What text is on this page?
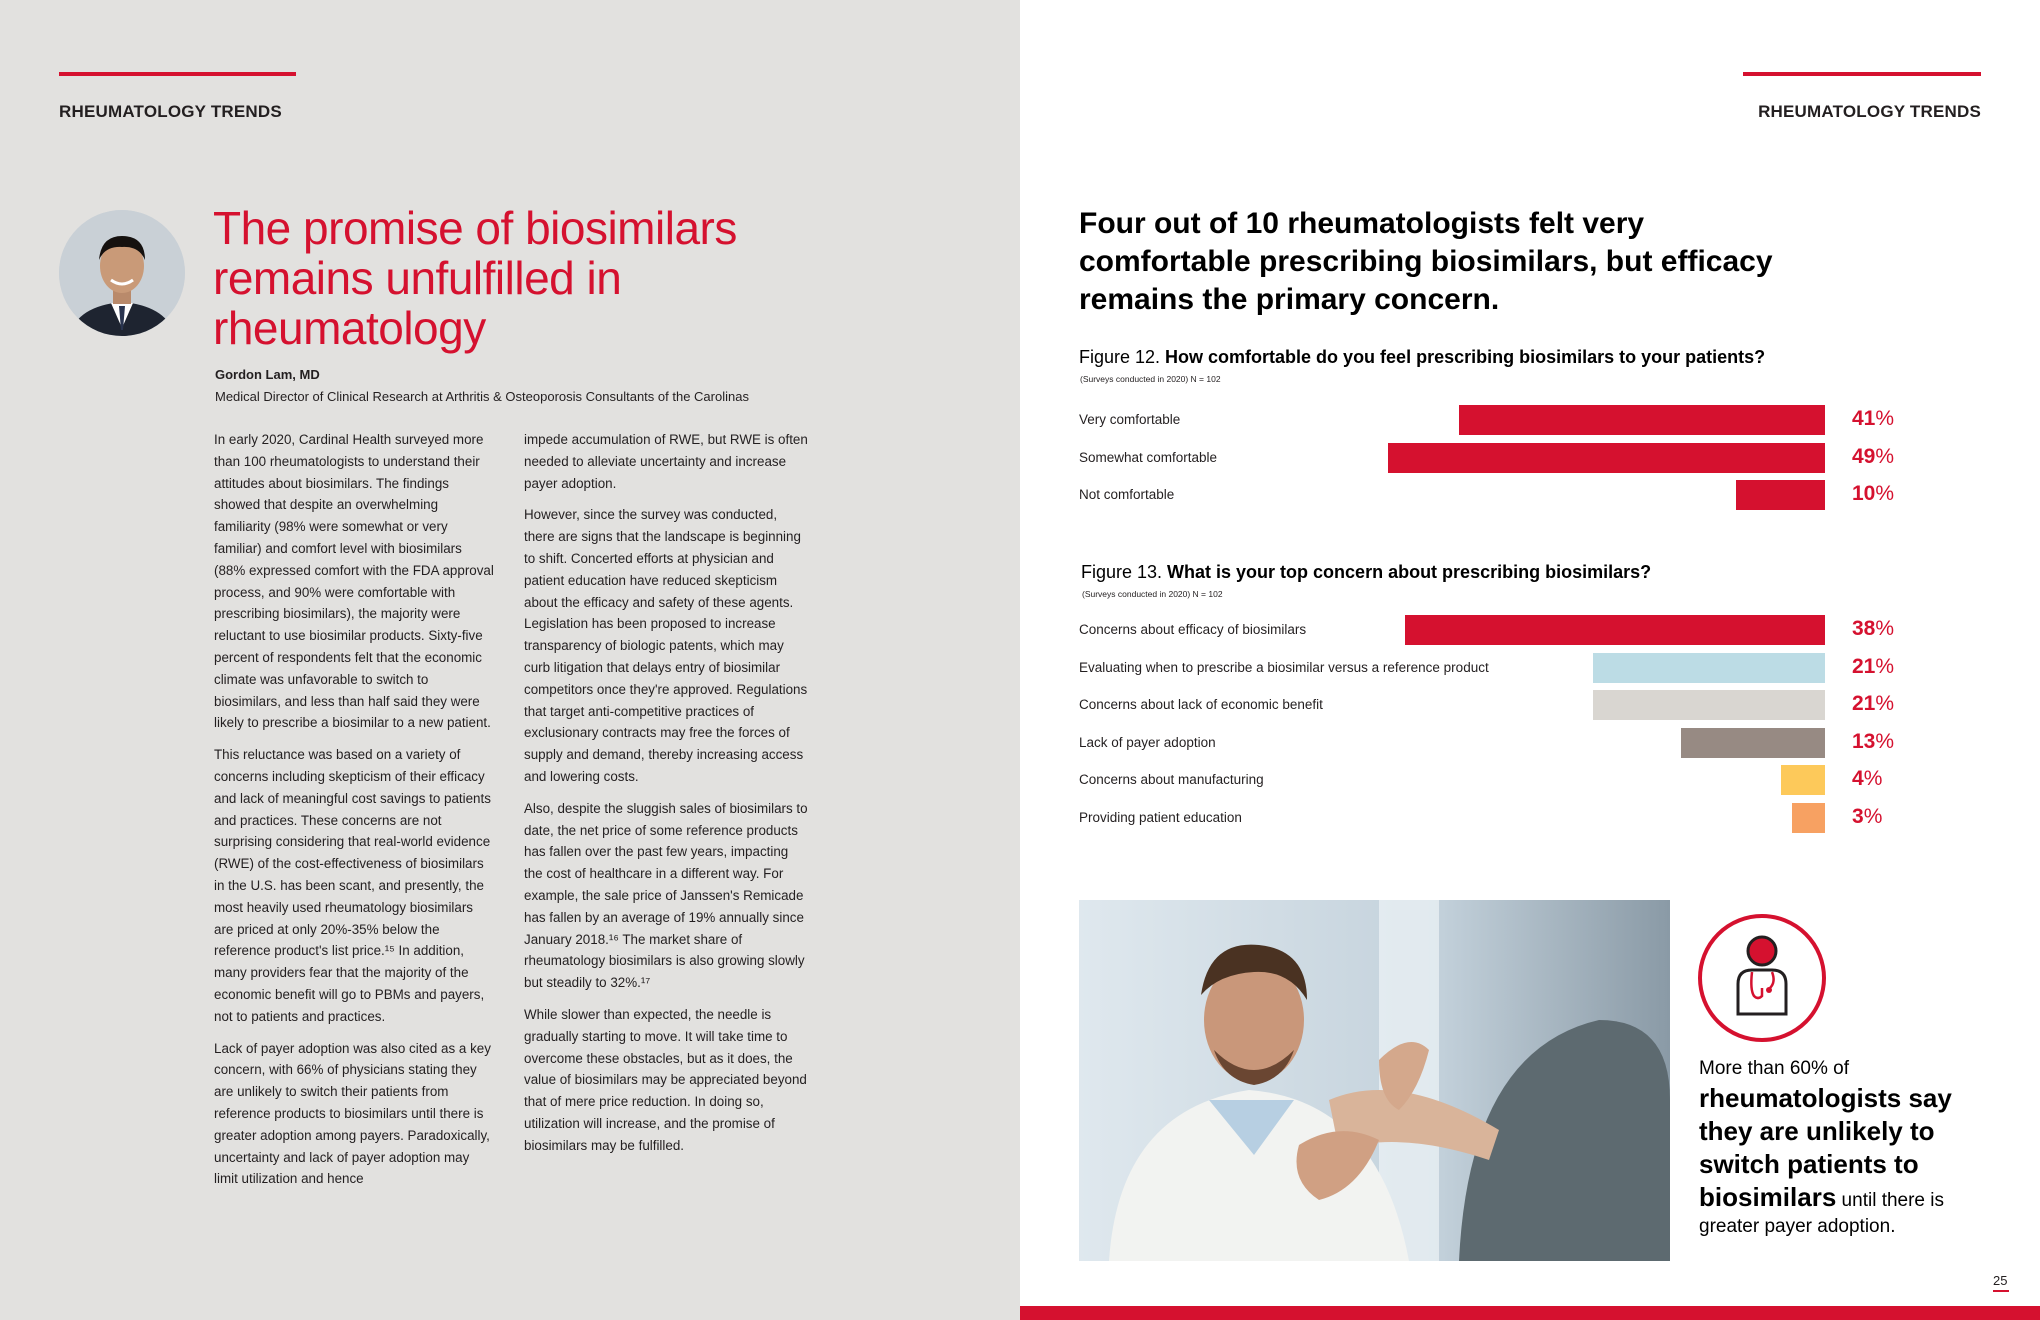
RHEUMATOLOGY TRENDS
The promise of biosimilars
remains unfulfilled in
rheumatology
Gordon Lam, MD
Medical Director of Clinical Research at Arthritis & Osteoporosis Consultants of the Carolinas

In early 2020, Cardinal Health surveyed more than 100 rheumatologists to understand their attitudes about biosimilars. The findings showed that despite an overwhelming familiarity (98% were somewhat or very familiar) and comfort level with biosimilars (88% expressed comfort with the FDA approval process, and 90% were comfortable with prescribing biosimilars), the majority were reluctant to use biosimilar products. Sixty-five percent of respondents felt that the economic climate was unfavorable to switch to biosimilars, and less than half said they were likely to prescribe a biosimilar to a new patient.

This reluctance was based on a variety of concerns including skepticism of their efficacy and lack of meaningful cost savings to patients and practices. These concerns are not surprising considering that real-world evidence (RWE) of the cost-effectiveness of biosimilars in the U.S. has been scant, and presently, the most heavily used rheumatology biosimilars are priced at only 20%-35% below the reference product's list price.¹⁵ In addition, many providers fear that the majority of the economic benefit will go to PBMs and payers, not to patients and practices.

Lack of payer adoption was also cited as a key concern, with 66% of physicians stating they are unlikely to switch their patients from reference products to biosimilars until there is greater adoption among payers. Paradoxically, uncertainty and lack of payer adoption may limit utilization and hence

impede accumulation of RWE, but RWE is often needed to alleviate uncertainty and increase payer adoption.

However, since the survey was conducted, there are signs that the landscape is beginning to shift. Concerted efforts at physician and patient education have reduced skepticism about the efficacy and safety of these agents. Legislation has been proposed to increase transparency of biologic patents, which may curb litigation that delays entry of biosimilar competitors once they're approved. Regulations that target anti-competitive practices of exclusionary contracts may free the forces of supply and demand, thereby increasing access and lowering costs.

Also, despite the sluggish sales of biosimilars to date, the net price of some reference products has fallen over the past few years, impacting the cost of healthcare in a different way. For example, the sale price of Janssen's Remicade has fallen by an average of 19% annually since January 2018.¹⁶ The market share of rheumatology biosimilars is also growing slowly but steadily to 32%.¹⁷

While slower than expected, the needle is gradually starting to move. It will take time to overcome these obstacles, but as it does, the value of biosimilars may be appreciated beyond that of mere price reduction. In doing so, utilization will increase, and the promise of biosimilars may be fulfilled.

RHEUMATOLOGY TRENDS
Four out of 10 rheumatologists felt very
comfortable prescribing biosimilars, but efficacy
remains the primary concern.
Figure 12. How comfortable do you feel prescribing biosimilars to your patients?
(Surveys conducted in 2020) N = 102
Very comfortable	41%
Somewhat comfortable	49%
Not comfortable	10%
Figure 13. What is your top concern about prescribing biosimilars?
(Surveys conducted in 2020) N = 102
Concerns about efficacy of biosimilars	38%
Evaluating when to prescribe a biosimilar versus a reference product	21%
Concerns about lack of economic benefit	21%
Lack of payer adoption	13%
Concerns about manufacturing	4%
Providing patient education	3%
More than 60% of
rheumatologists say they are unlikely to switch patients to biosimilars until there is greater payer adoption.
25
